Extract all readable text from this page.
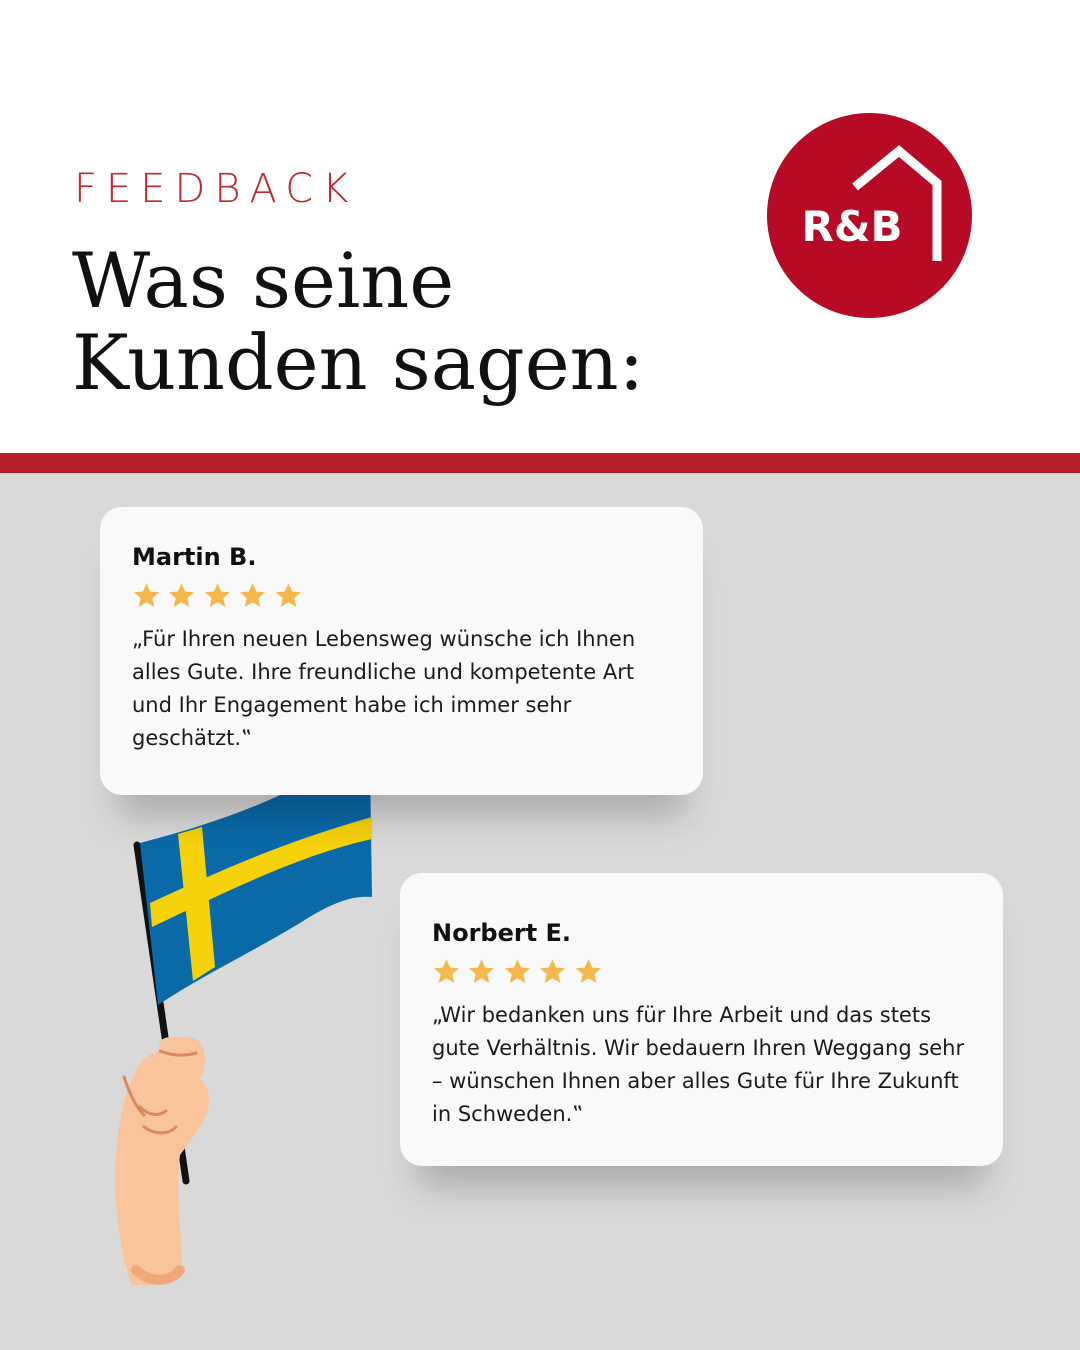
FEEDBACK
Was seine
Kunden sagen:
R&B
Martin B.

„Für Ihren neuen Lebensweg wünsche ich Ihnen alles Gute. Ihre freundliche und kompetente Art und Ihr Engagement habe ich immer sehr geschätzt.‟
Norbert E.

„Wir bedanken uns für Ihre Arbeit und das stets gute Verhältnis. Wir bedauern Ihren Weggang sehr – wünschen Ihnen aber alles Gute für Ihre Zukunft in Schweden.‟
